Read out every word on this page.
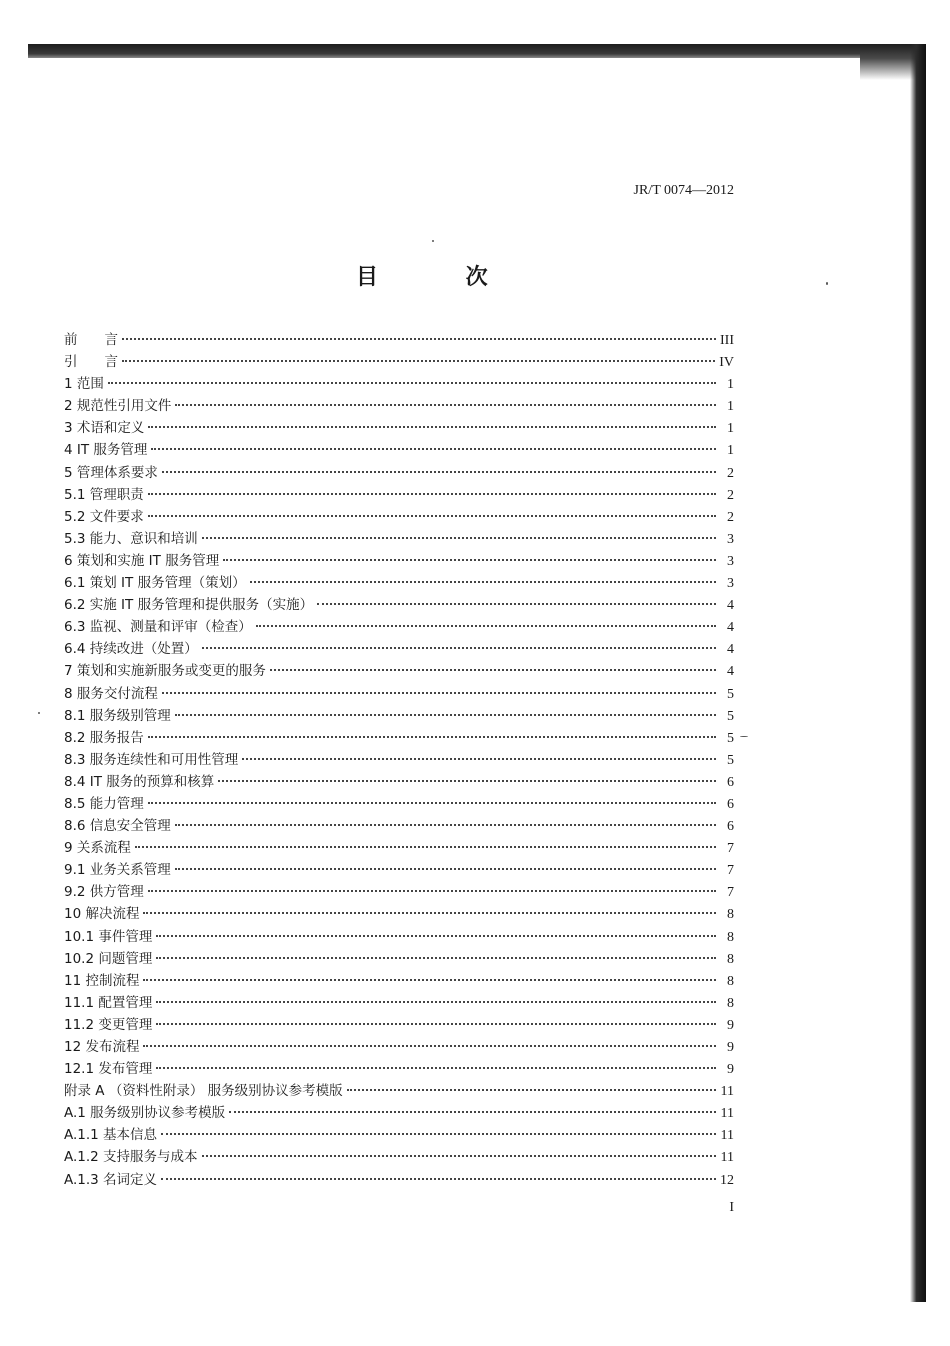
JR/T 0074—2012
目 次
前　　言	III
引　　言	IV
1 范围	1
2 规范性引用文件	1
3 术语和定义	1
4 IT 服务管理	1
5 管理体系要求	2
5.1 管理职责	2
5.2 文件要求	2
5.3 能力、意识和培训	3
6 策划和实施 IT 服务管理	3
6.1 策划 IT 服务管理（策划）	3
6.2 实施 IT 服务管理和提供服务（实施）	4
6.3 监视、测量和评审（检查）	4
6.4 持续改进（处置）	4
7 策划和实施新服务或变更的服务	4
8 服务交付流程	5
8.1 服务级别管理	5
8.2 服务报告	5
8.3 服务连续性和可用性管理	5
8.4 IT 服务的预算和核算	6
8.5 能力管理	6
8.6 信息安全管理	6
9 关系流程	7
9.1 业务关系管理	7
9.2 供方管理	7
10 解决流程	8
10.1 事件管理	8
10.2 问题管理	8
11 控制流程	8
11.1 配置管理	8
11.2 变更管理	9
12 发布流程	9
12.1 发布管理	9
附录 A （资料性附录） 服务级别协议参考模版	11
A.1 服务级别协议参考模版	11
A.1.1 基本信息	11
A.1.2 支持服务与成本	11
A.1.3 名词定义	12
I
